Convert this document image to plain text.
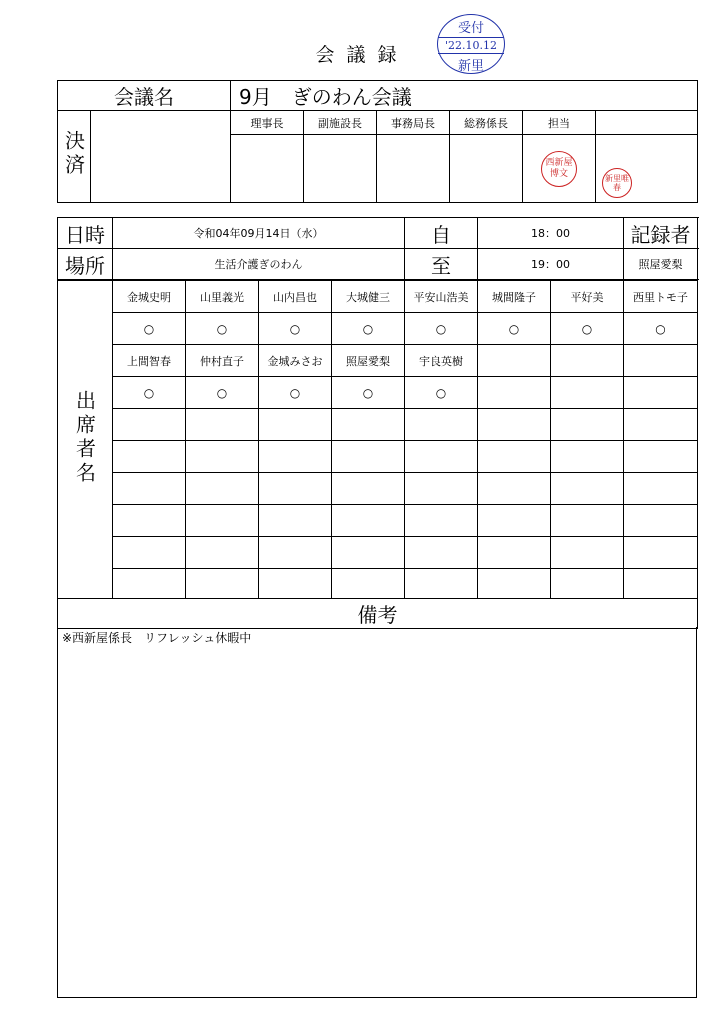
会議録
受付
'22.10.12
新里
会議名		9月　ぎのわん会議					
決済		理事長	副施設長	事務局長	総務係長	担当	
						西新屋博文	新里唯春
日時	令和04年09月14日（水）	自	18：00	記録者
場所	生活介護ぎのわん	至	19：00	照屋愛梨
出席者名	金城史明	山里義光	山内昌也	大城健三	平安山浩美	城間隆子	平好美	西里トモ子
	○	○	○	○	○	○	○	○
	上間智春	仲村直子	金城みさお	照屋愛梨	宇良英樹			
	○	○	○	○	○			

備考								
※西新屋係長　リフレッシュ休暇中
